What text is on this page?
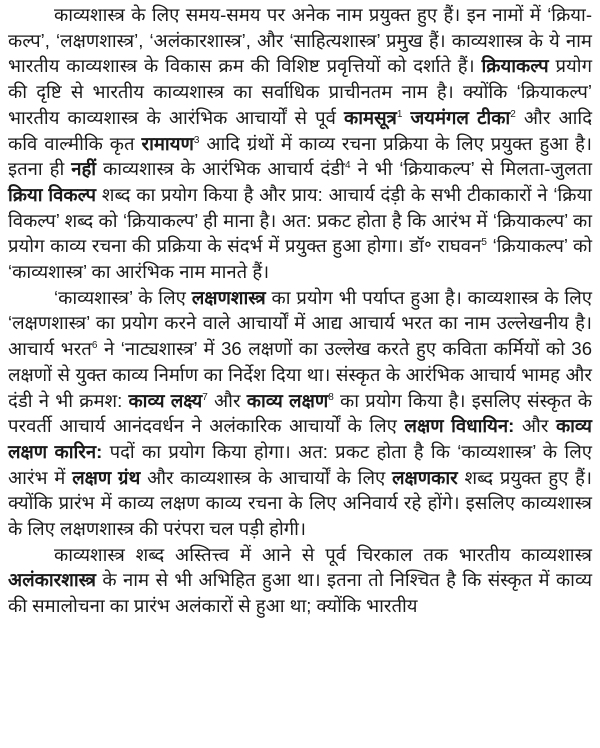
काव्यशास्त्र के लिए समय-समय पर अनेक नाम प्रयुक्त हुए हैं। इन नामों में ‘क्रिया-कल्प’, ‘लक्षणशास्त्र’, ‘अलंकारशास्त्र’, और ‘साहित्यशास्त्र’ प्रमुख हैं। काव्यशास्त्र के ये नाम भारतीय काव्यशास्त्र के विकास क्रम की विशिष्ट प्रवृत्तियों को दर्शाते हैं। क्रियाकल्प प्रयोग की दृष्टि से भारतीय काव्यशास्त्र का सर्वाधिक प्राचीनतम नाम है। क्योंकि ‘क्रियाकल्प’ भारतीय काव्यशास्त्र के आरंभिक आचार्यों से पूर्व कामसूत्र$^1$ जयमंगल टीका$^2$ और आदि कवि वाल्मीकि कृत रामायण$^3$ आदि ग्रंथों में काव्य रचना प्रक्रिया के लिए प्रयुक्त हुआ है। इतना ही नहीं काव्यशास्त्र के आरंभिक आचार्य दंडी$^4$ ने भी ‘क्रियाकल्प’ से मिलता-जुलता क्रिया विकल्प शब्द का प्रयोग किया है और प्राय: आचार्य दंड़ी के सभी टीकाकारों ने ‘क्रिया विकल्प’ शब्द को ‘क्रियाकल्प’ ही माना है। अत: प्रकट होता है कि आरंभ में ‘क्रियाकल्प’ का प्रयोग काव्य रचना की प्रक्रिया के संदर्भ में प्रयुक्त हुआ होगा। डॉ॰ राघवन$^5$ ‘क्रियाकल्प’ को ‘काव्यशास्त्र’ का आरंभिक नाम मानते हैं।

‘काव्यशास्त्र’ के लिए लक्षणशास्त्र का प्रयोग भी पर्याप्त हुआ है। काव्यशास्त्र के लिए ‘लक्षणशास्त्र’ का प्रयोग करने वाले आचार्यों में आद्य आचार्य भरत का नाम उल्लेखनीय है। आचार्य भरत$^6$ ने ‘नाट्यशास्त्र’ में 36 लक्षणों का उल्लेख करते हुए कविता कर्मियों को 36 लक्षणों से युक्त काव्य निर्माण का निर्देश दिया था। संस्कृत के आरंभिक आचार्य भामह और दंडी ने भी क्रमश: काव्य लक्ष्य$^7$ और काव्य लक्षण$^8$ का प्रयोग किया है। इसलिए संस्कृत के परवर्ती आचार्य आनंदवर्धन ने अलंकारिक आचार्यों के लिए लक्षण विधायिन: और काव्य लक्षण कारिन: पदों का प्रयोग किया होगा। अत: प्रकट होता है कि ‘काव्यशास्त्र’ के लिए आरंभ में लक्षण ग्रंथ और काव्यशास्त्र के आचार्यों के लिए लक्षणकार शब्द प्रयुक्त हुए हैं। क्योंकि प्रारंभ में काव्य लक्षण काव्य रचना के लिए अनिवार्य रहे होंगे। इसलिए काव्यशास्त्र के लिए लक्षणशास्त्र की परंपरा चल पड़ी होगी।

काव्यशास्त्र शब्द अस्तित्त्व में आने से पूर्व चिरकाल तक भारतीय काव्यशास्त्र अलंकारशास्त्र के नाम से भी अभिहित हुआ था। इतना तो निश्चित है कि संस्कृत में काव्य की समालोचना का प्रारंभ अलंकारों से हुआ था; क्योंकि भारतीय
